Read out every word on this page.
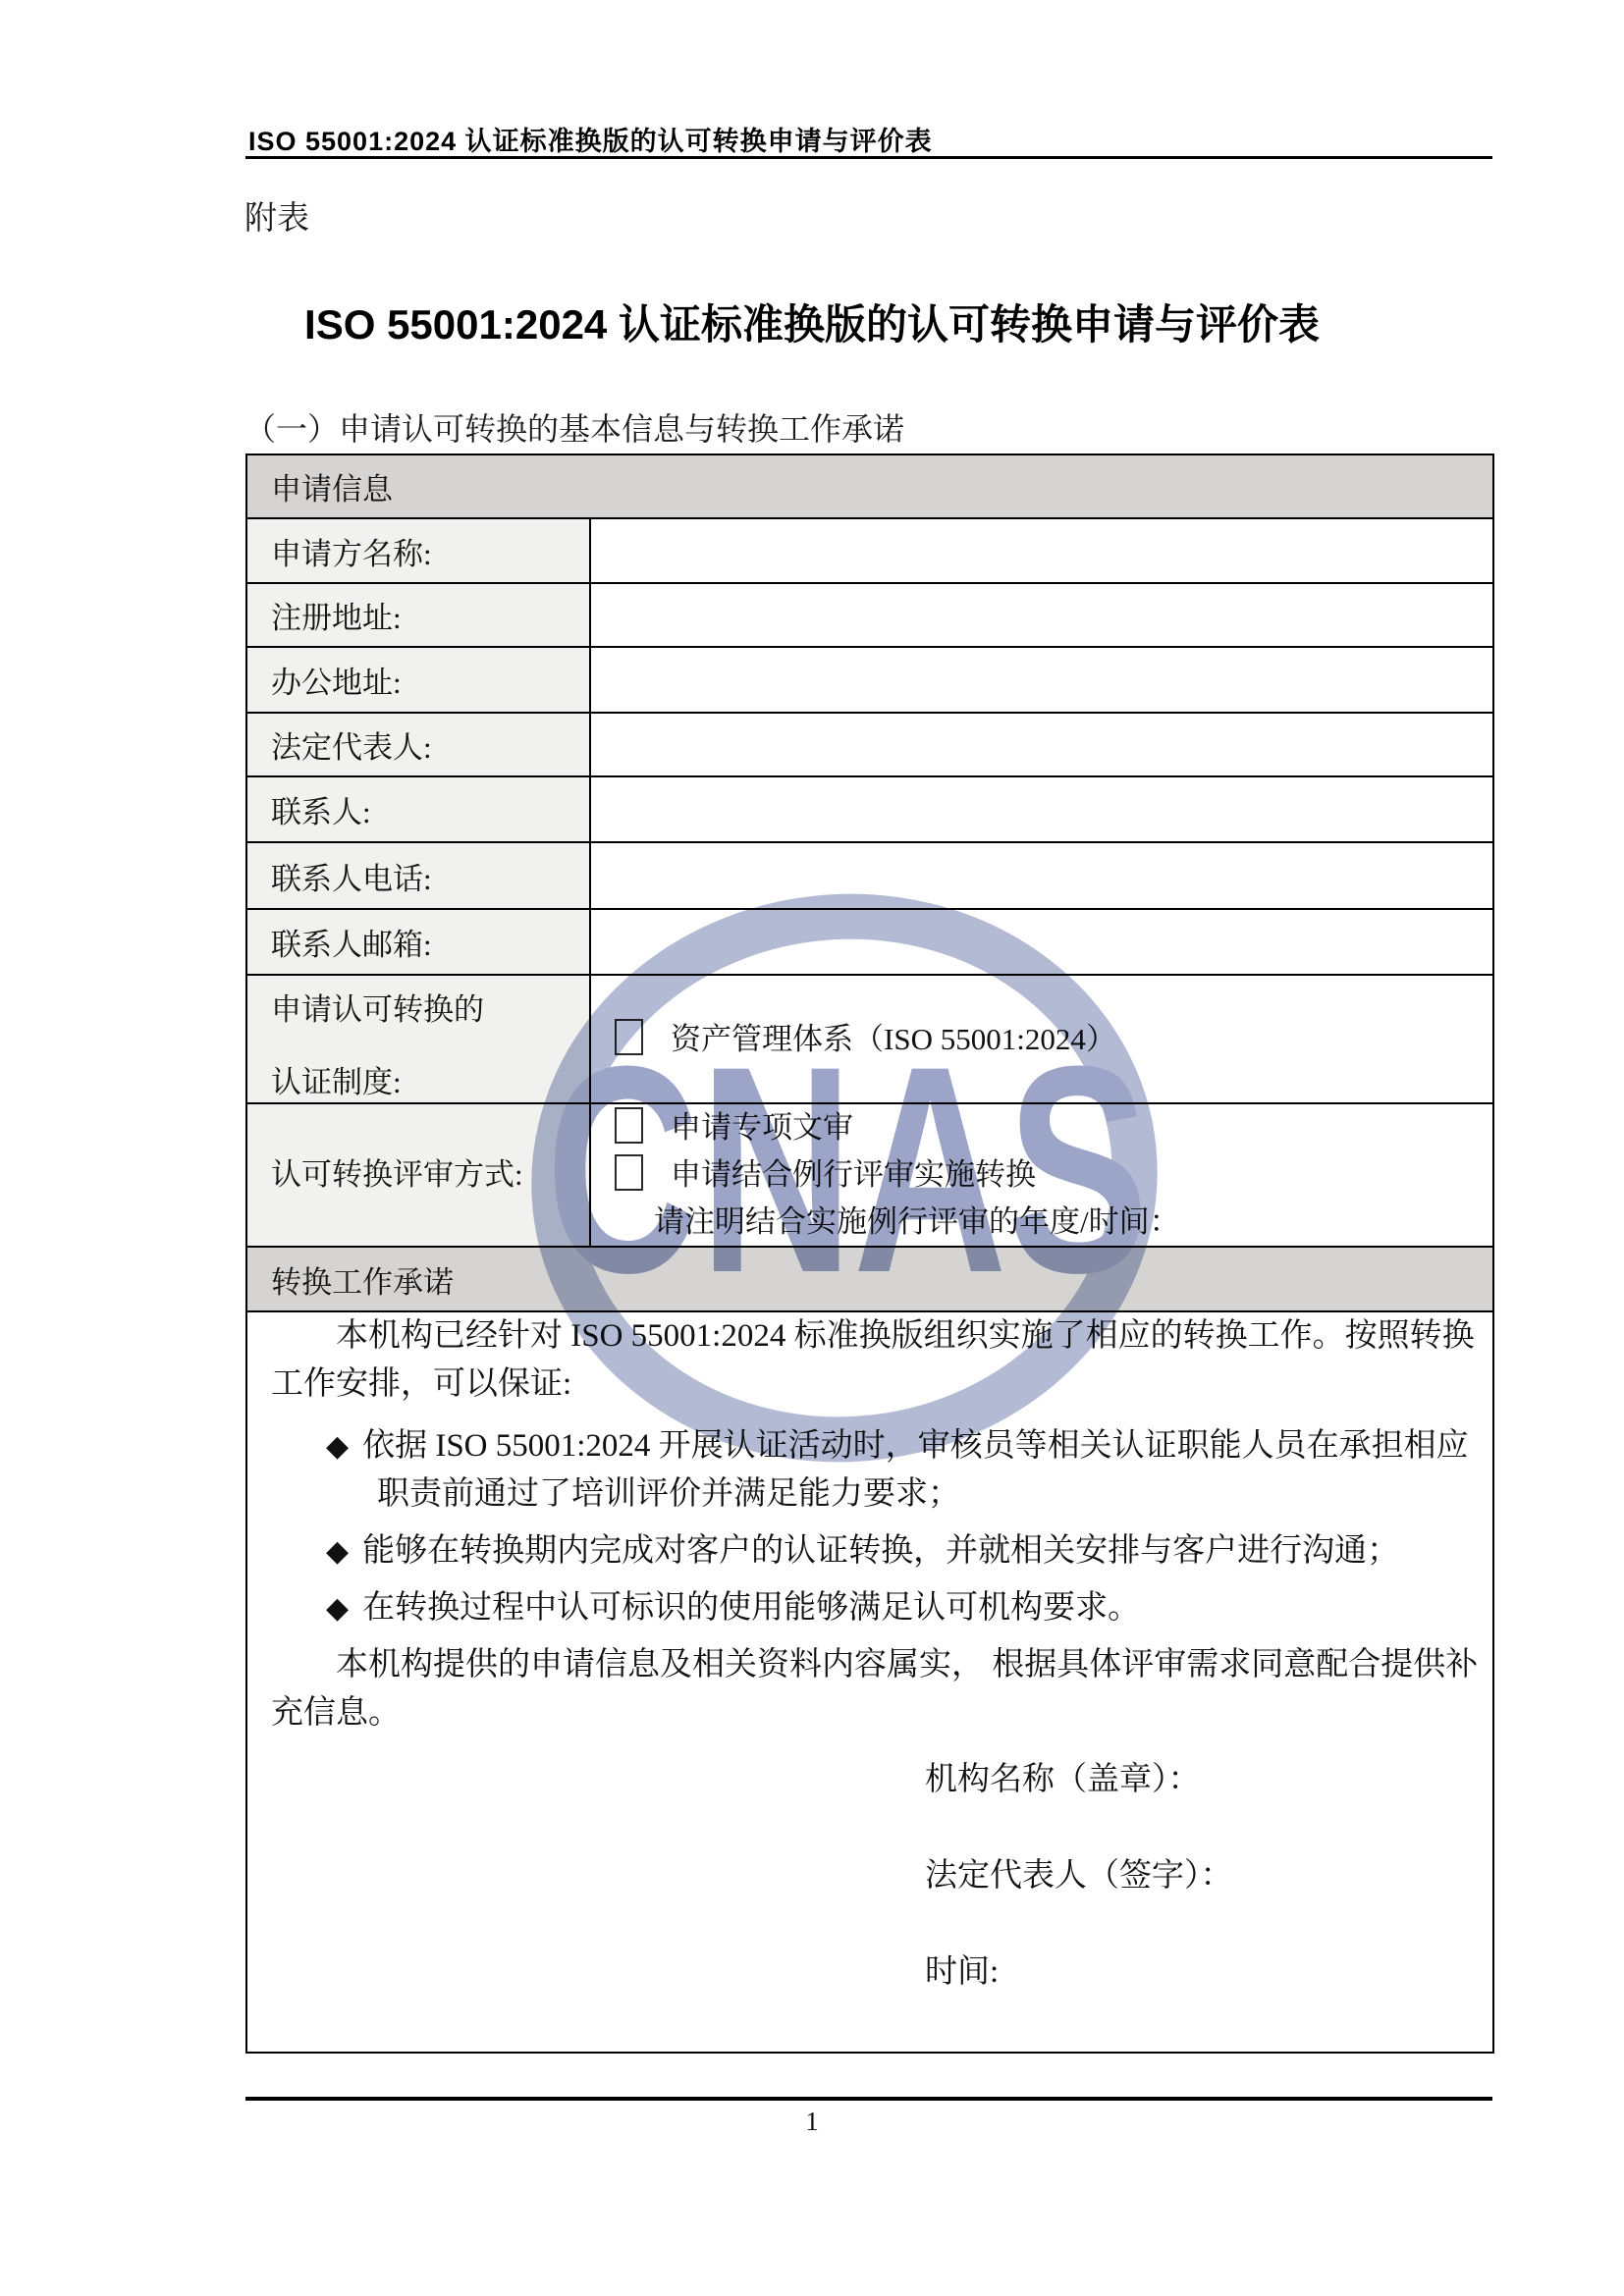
ISO 55001:2024 认证标准换版的认可转换申请与评价表
附表
ISO 55001:2024 认证标准换版的认可转换申请与评价表
（一）申请认可转换的基本信息与转换工作承诺
申请信息	
申请方名称:	
注册地址:	
办公地址:	
法定代表人:	
联系人:	
联系人电话:	
联系人邮箱:	

申请认可转换的
认证制度:	资产管理体系（ISO 55001:2024）

认可转换评审方式:	申请专项文审
申请结合例行评审实施转换
请注明结合实施例行评审的年度/时间：

转换工作承诺	

本机构已经针对 ISO 55001:2024 标准换版组织实施了相应的转换工作。按照转换工作安排，可以保证:
◆ 依据 ISO 55001:2024 开展认证活动时，审核员等相关认证职能人员在承担相应职责前通过了培训评价并满足能力要求；
◆ 能够在转换期内完成对客户的认证转换，并就相关安排与客户进行沟通；
◆ 在转换过程中认可标识的使用能够满足认可机构要求。
本机构提供的申请信息及相关资料内容属实， 根据具体评审需求同意配合提供补充信息。
机构名称（盖章）：
法定代表人（签字）：
时间:
CNAS
1
